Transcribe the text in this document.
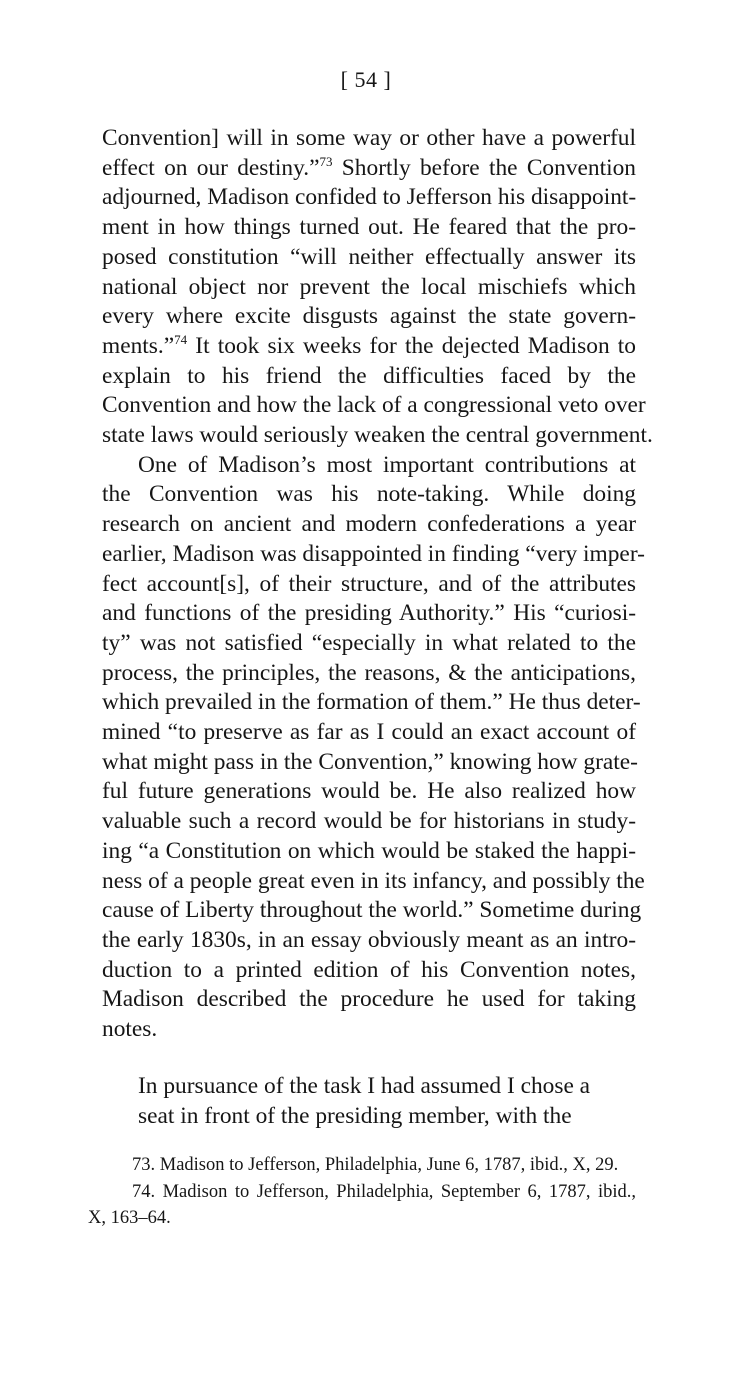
[ 54 ]

Convention] will in some way or other have a powerful
effect on our destiny.”$^{73}$ Shortly before the Convention
adjourned, Madison confided to Jefferson his disappoint-
ment in how things turned out. He feared that the pro-
posed constitution “will neither effectually answer its
national object nor prevent the local mischiefs which
every where excite disgusts against the state govern-
ments.”$^{74}$ It took six weeks for the dejected Madison to
explain to his friend the difficulties faced by the
Convention and how the lack of a congressional veto over
state laws would seriously weaken the central government.

One of Madison’s most important contributions at
the Convention was his note-taking. While doing
research on ancient and modern confederations a year
earlier, Madison was disappointed in finding “very imper-
fect account[s], of their structure, and of the attributes
and functions of the presiding Authority.” His “curiosi-
ty” was not satisfied “especially in what related to the
process, the principles, the reasons, & the anticipations,
which prevailed in the formation of them.” He thus deter-
mined “to preserve as far as I could an exact account of
what might pass in the Convention,” knowing how grate-
ful future generations would be. He also realized how
valuable such a record would be for historians in study-
ing “a Constitution on which would be staked the happi-
ness of a people great even in its infancy, and possibly the
cause of Liberty throughout the world.” Sometime during
the early 1830s, in an essay obviously meant as an intro-
duction to a printed edition of his Convention notes,
Madison described the procedure he used for taking
notes.

In pursuance of the task I had assumed I chose a
seat in front of the presiding member, with the

73. Madison to Jefferson, Philadelphia, June 6, 1787, ibid., X, 29.

74. Madison to Jefferson, Philadelphia, September 6, 1787, ibid.,
X, 163–64.
